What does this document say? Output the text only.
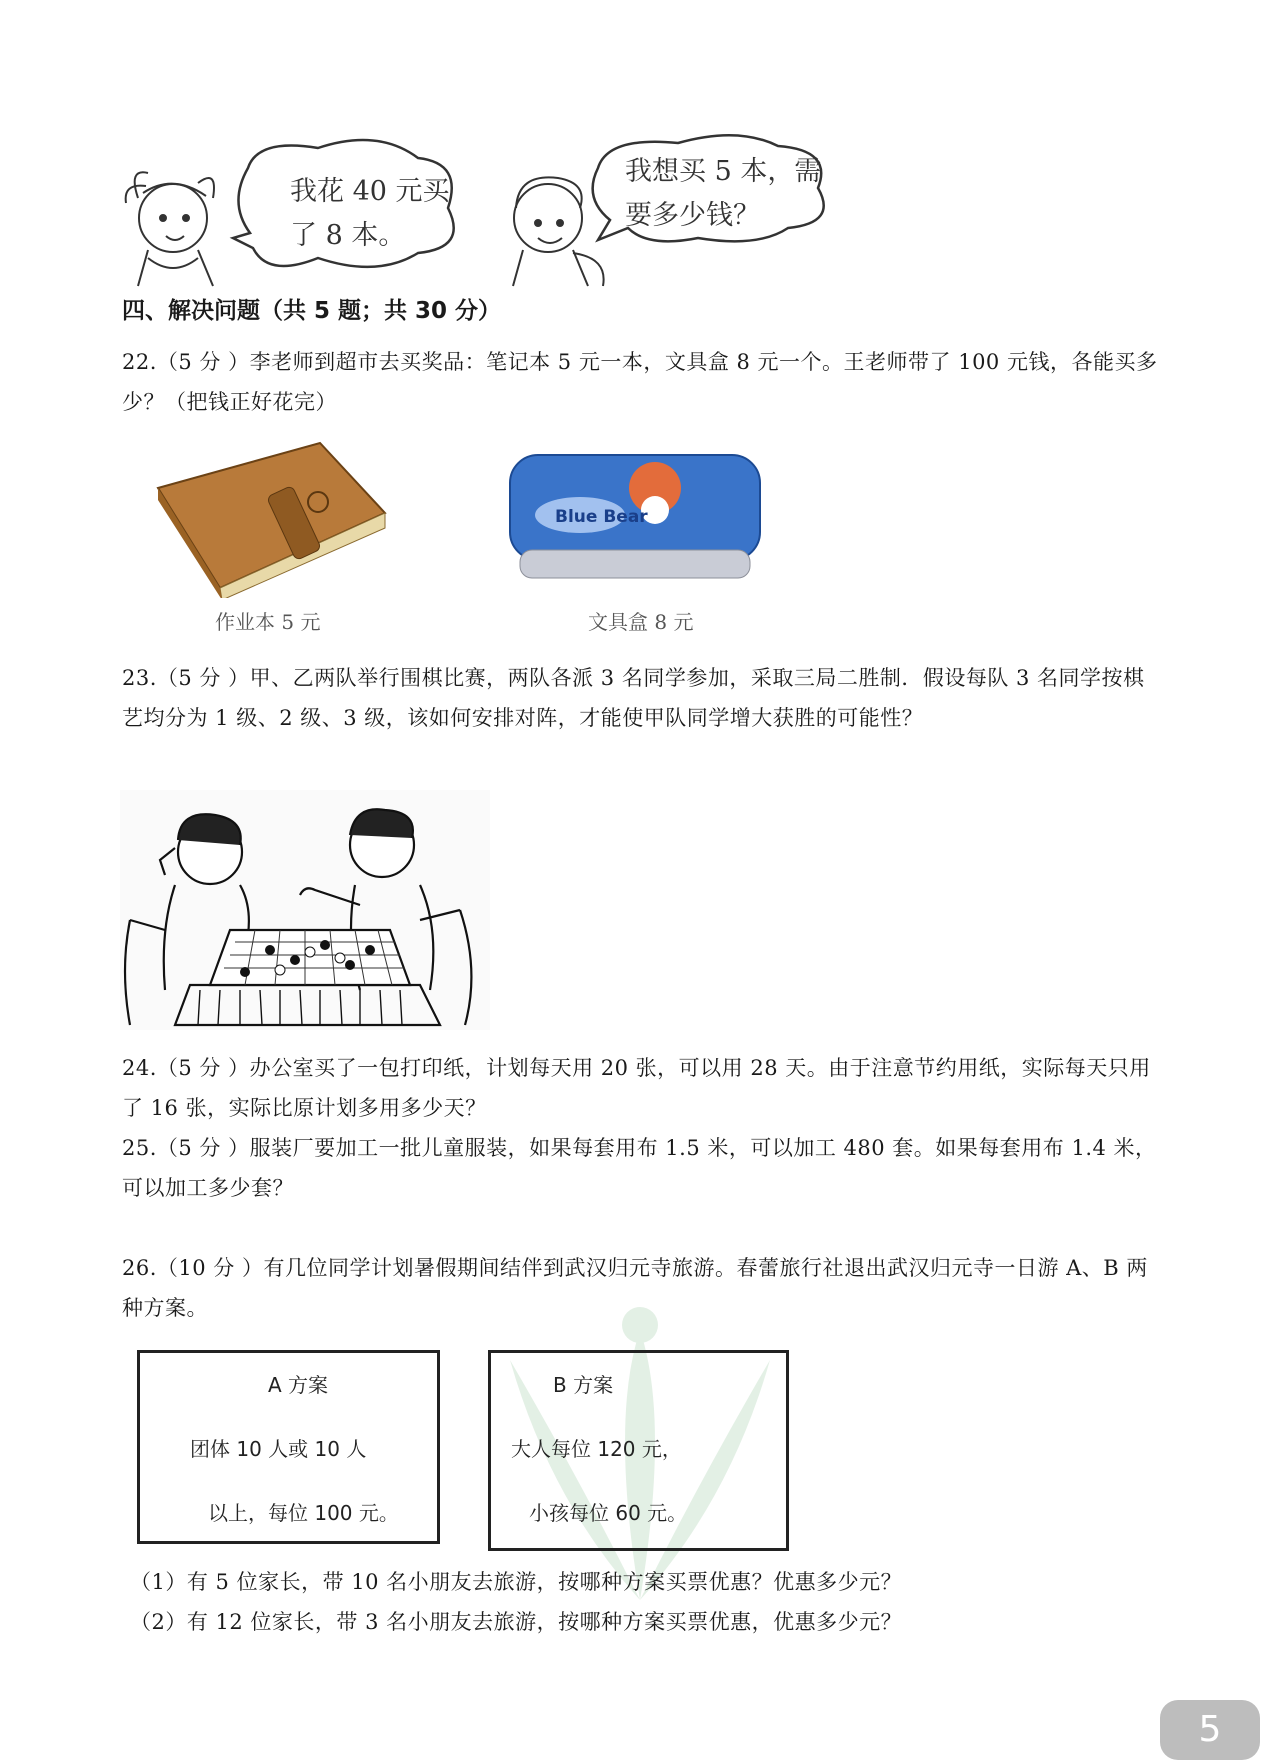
我花 40 元买
了 8 本。
我想买 5 本，需
要多少钱？
四、解决问题（共 5 题；共 30 分）
22.（5 分 ）李老师到超市去买奖品：笔记本 5 元一本，文具盒 8 元一个。王老师带了 100 元钱，各能买多
少？（把钱正好花完）
作业本 5 元
Blue Bear
文具盒 8 元
23.（5 分 ）甲、乙两队举行围棋比赛，两队各派 3 名同学参加，采取三局二胜制．假设每队 3 名同学按棋
艺均分为 1 级、2 级、3 级，该如何安排对阵，才能使甲队同学增大获胜的可能性？
24.（5 分 ）办公室买了一包打印纸，计划每天用 20 张，可以用 28 天。由于注意节约用纸，实际每天只用
了 16 张，实际比原计划多用多少天？
25.（5 分 ）服装厂要加工一批儿童服装，如果每套用布 1.5 米，可以加工 480 套。如果每套用布 1.4 米，
可以加工多少套？
26.（10 分 ）有几位同学计划暑假期间结伴到武汉归元寺旅游。春蕾旅行社退出武汉归元寺一日游 A、B 两
种方案。
A 方案
团体 10 人或 10 人
以上，每位 100 元。
B 方案
大人每位 120 元，
小孩每位 60 元。
（1）有 5 位家长，带 10 名小朋友去旅游，按哪种方案买票优惠？优惠多少元？
（2）有 12 位家长，带 3 名小朋友去旅游，按哪种方案买票优惠，优惠多少元？
5
